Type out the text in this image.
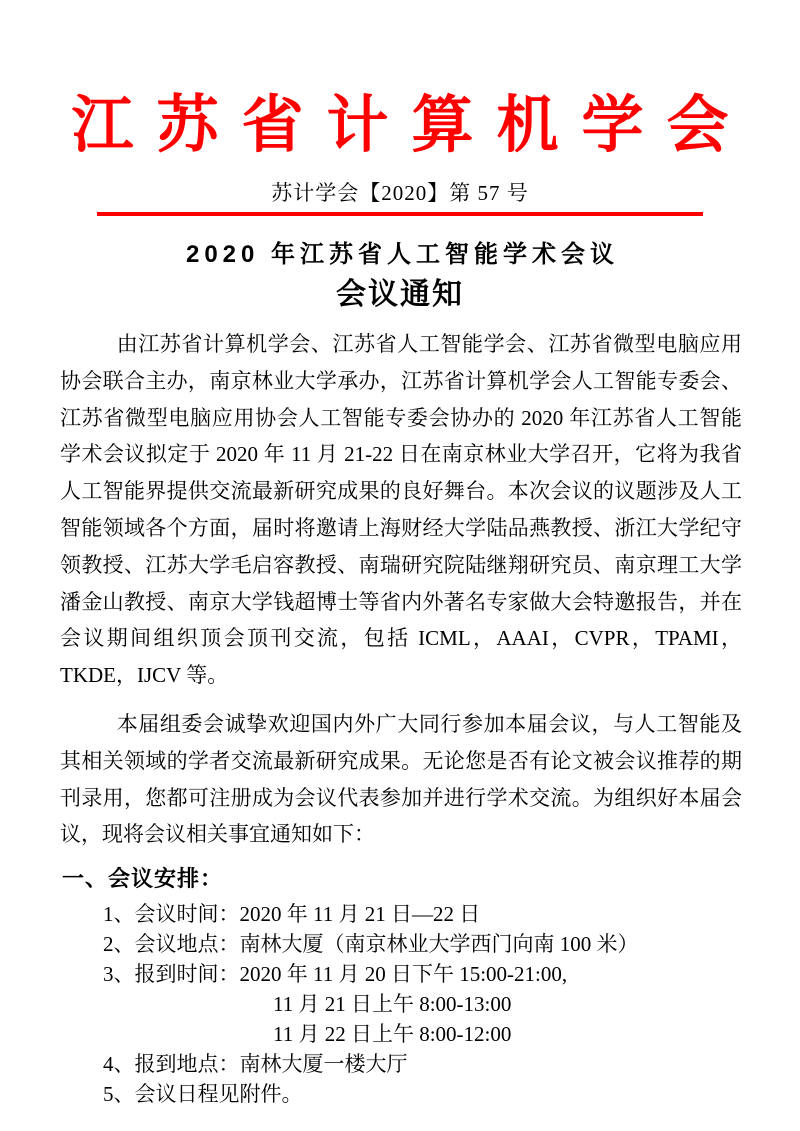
江苏省计算机学会
苏计学会【2020】第 57 号
2020 年江苏省人工智能学术会议
会议通知

由江苏省计算机学会、江苏省人工智能学会、江苏省微型电脑应用协会联合主办，南京林业大学承办，江苏省计算机学会人工智能专委会、江苏省微型电脑应用协会人工智能专委会协办的 2020 年江苏省人工智能学术会议拟定于 2020 年 11 月 21-22 日在南京林业大学召开，它将为我省人工智能界提供交流最新研究成果的良好舞台。本次会议的议题涉及人工智能领域各个方面，届时将邀请上海财经大学陆品燕教授、浙江大学纪守领教授、江苏大学毛启容教授、南瑞研究院陆继翔研究员、南京理工大学潘金山教授、南京大学钱超博士等省内外著名专家做大会特邀报告，并在会议期间组织顶会顶刊交流，包括 ICML，AAAI，CVPR，TPAMI，TKDE，IJCV 等。

本届组委会诚挚欢迎国内外广大同行参加本届会议，与人工智能及其相关领域的学者交流最新研究成果。无论您是否有论文被会议推荐的期刊录用，您都可注册成为会议代表参加并进行学术交流。为组织好本届会议，现将会议相关事宜通知如下：

一、会议安排：
1、会议时间：2020 年 11 月 21 日—22 日
2、会议地点：南林大厦（南京林业大学西门向南 100 米）
3、报到时间：2020 年 11 月 20 日下午 15:00-21:00,
11 月 21 日上午 8:00-13:00
11 月 22 日上午 8:00-12:00
4、报到地点：南林大厦一楼大厅
5、会议日程见附件。
